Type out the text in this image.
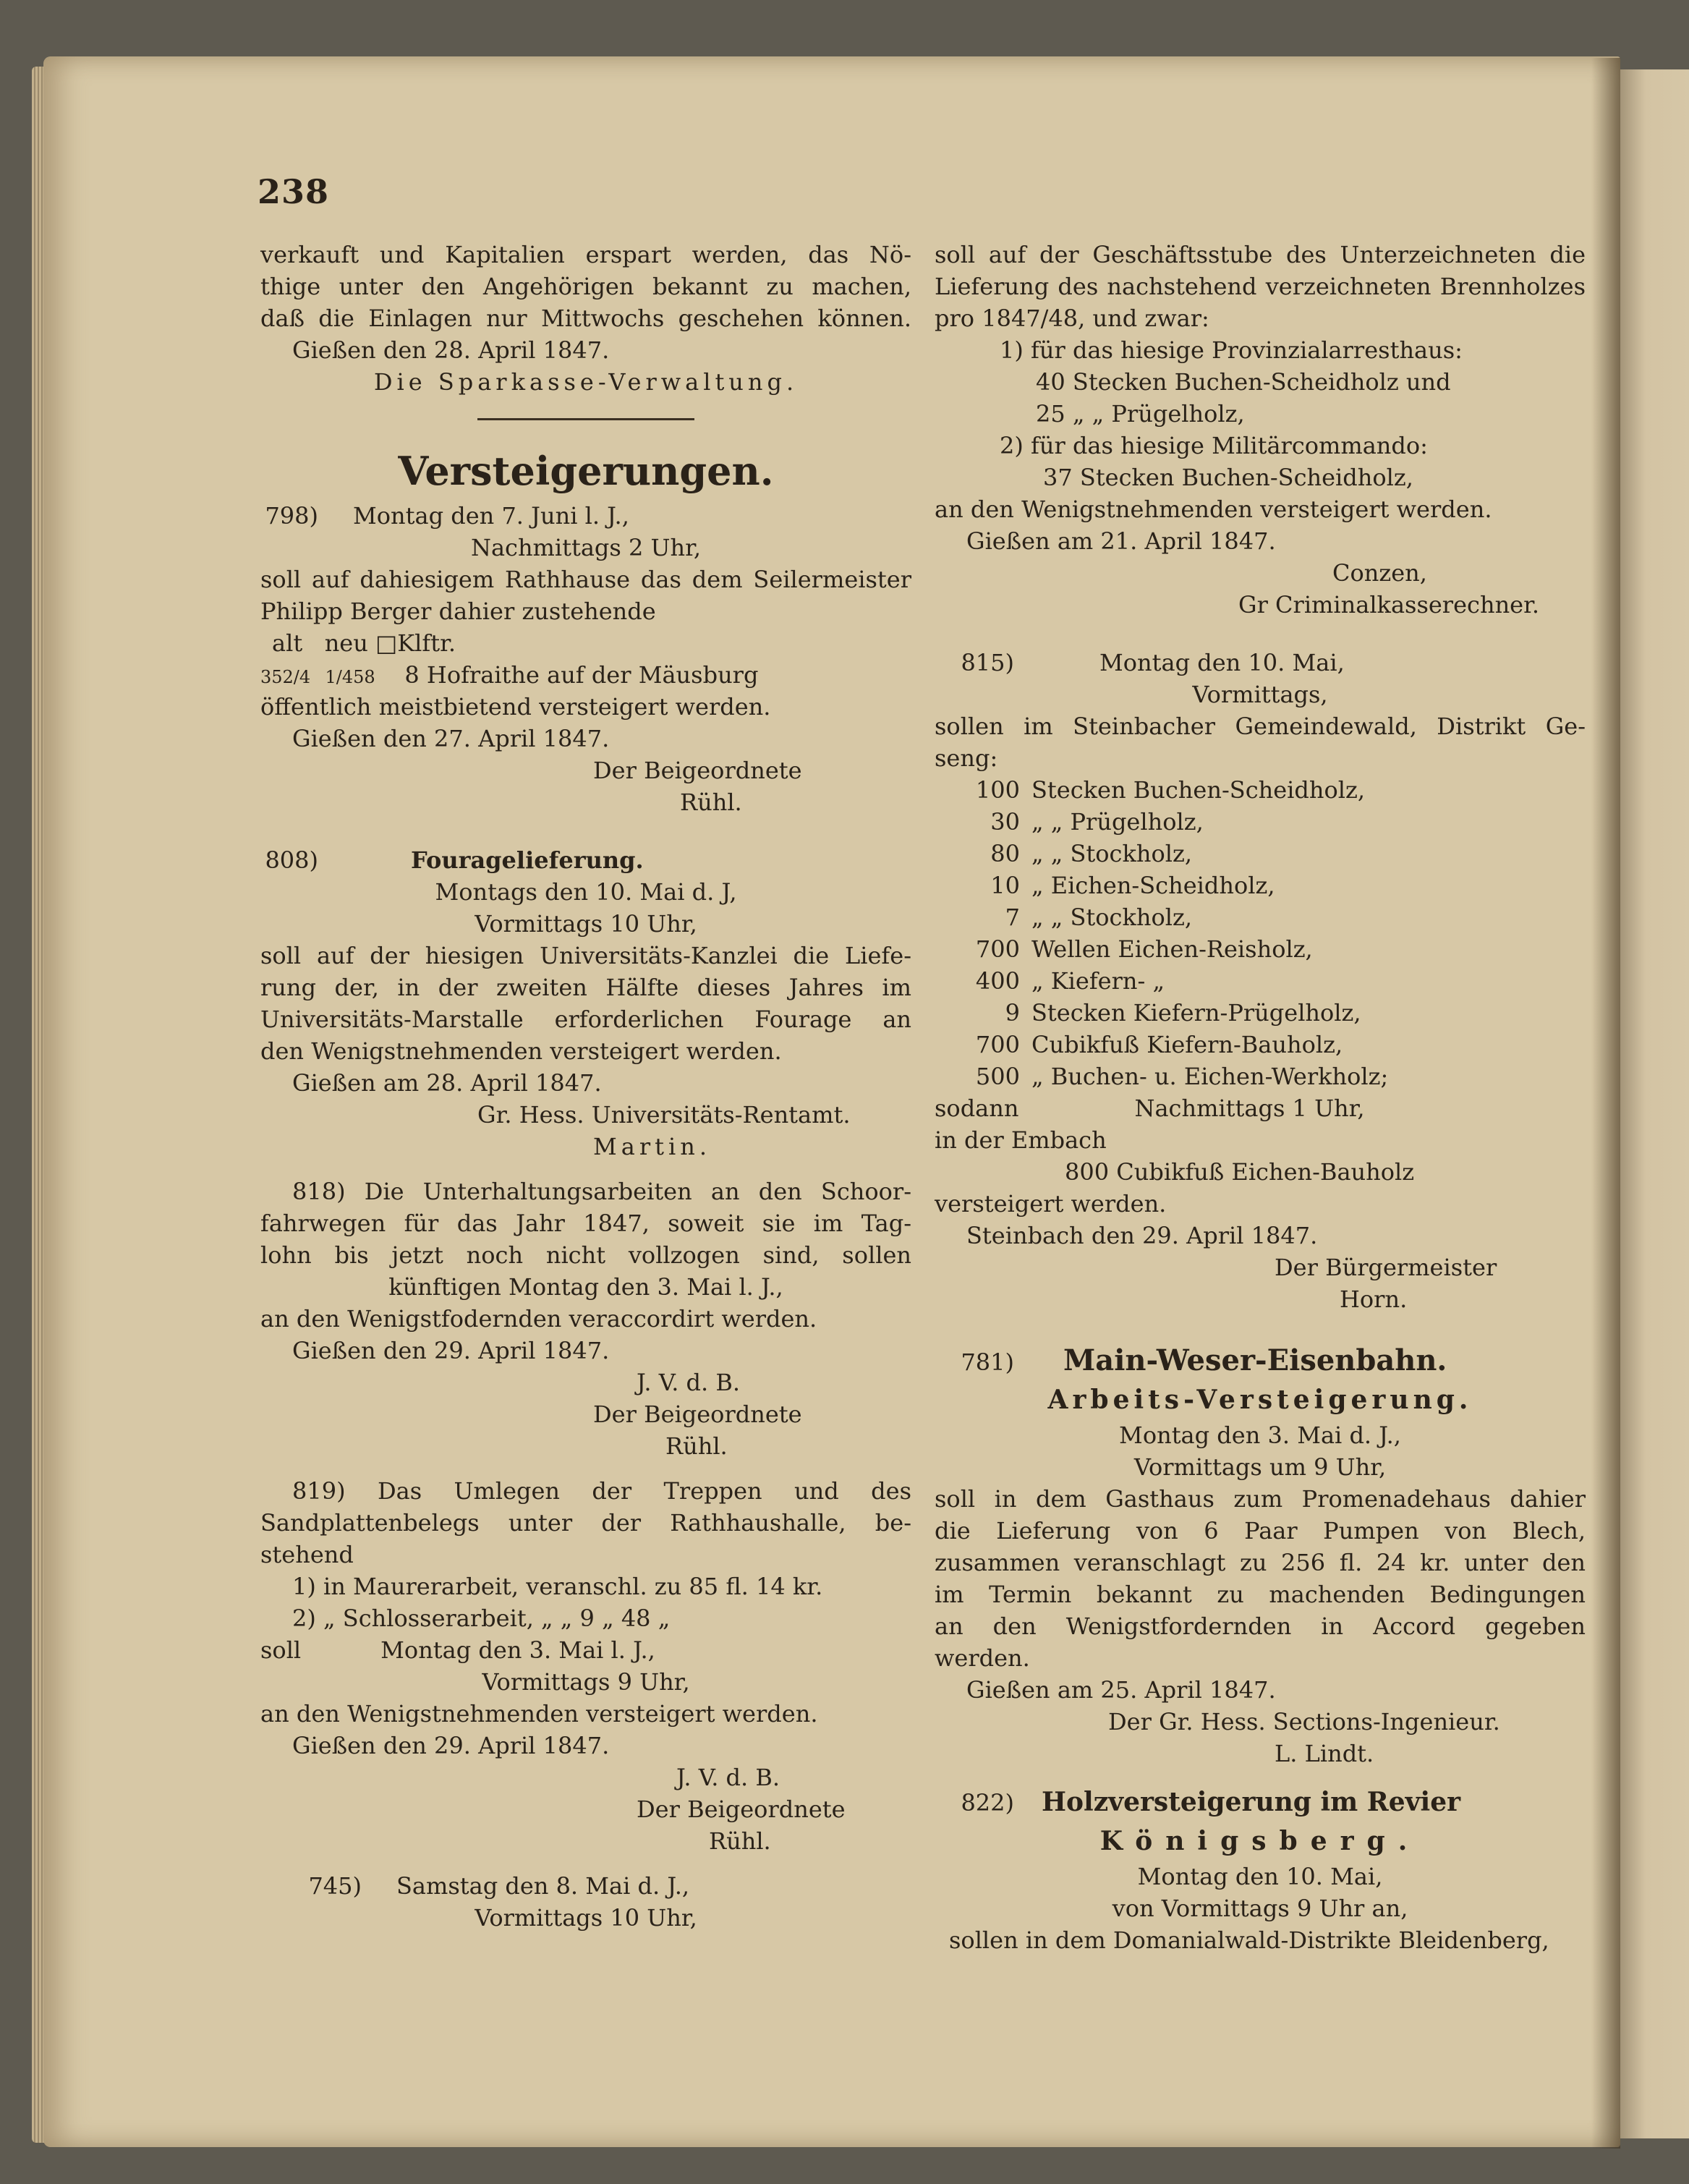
238
verkauft und Kapitalien erspart werden, das Nö-
thige unter den Angehörigen bekannt zu machen,
daß die Einlagen nur Mittwochs geschehen können.
Gießen den 28. April 1847.
Die Sparkasse-Verwaltung.
Versteigerungen.
798) Montag den 7. Juni l. J.,
Nachmittags 2 Uhr,
soll auf dahiesigem Rathhause das dem Seilermeister
Philipp Berger dahier zustehende
alt neu □Klftr.
352/4 1/458 8 Hofraithe auf der Mäusburg
öffentlich meistbietend versteigert werden.
Gießen den 27. April 1847.
Der Beigeordnete
Rühl.
808)	Fouragelieferung.
Montags den 10. Mai d. J,
Vormittags 10 Uhr,
soll auf der hiesigen Universitäts-Kanzlei die Liefe-
rung der, in der zweiten Hälfte dieses Jahres im
Universitäts-Marstalle erforderlichen Fourage an
den Wenigstnehmenden versteigert werden.
Gießen am 28. April 1847.
Gr. Hess. Universitäts-Rentamt.
Martin.
818) Die Unterhaltungsarbeiten an den Schoor-
fahrwegen für das Jahr 1847, soweit sie im Tag-
lohn bis jetzt noch nicht vollzogen sind, sollen
künftigen Montag den 3. Mai l. J.,
an den Wenigstfodernden veraccordirt werden.
Gießen den 29. April 1847.
J. V. d. B.
Der Beigeordnete
Rühl.
819) Das Umlegen der Treppen und des
Sandplattenbelegs unter der Rathhaushalle, be-
stehend
1) in Maurerarbeit, veranschl. zu 85 fl. 14 kr.
2) „ Schlosserarbeit, „ „ 9 „ 48 „
soll	Montag den 3. Mai l. J.,
Vormittags 9 Uhr,
an den Wenigstnehmenden versteigert werden.
Gießen den 29. April 1847.
J. V. d. B.
Der Beigeordnete
Rühl.
745) Samstag den 8. Mai d. J.,
Vormittags 10 Uhr,
soll auf der Geschäftsstube des Unterzeichneten die
Lieferung des nachstehend verzeichneten Brennholzes
pro 1847/48, und zwar:
1) für das hiesige Provinzialarresthaus:
40 Stecken Buchen-Scheidholz und
25 „ „ Prügelholz,
2) für das hiesige Militärcommando:
37 Stecken Buchen-Scheidholz,
an den Wenigstnehmenden versteigert werden.
Gießen am 21. April 1847.
Conzen,
Gr Criminalkasserechner.
815)	Montag den 10. Mai,
Vormittags,
sollen im Steinbacher Gemeindewald, Distrikt Ge-
seng:
100 Stecken Buchen-Scheidholz,
30 „ „ Prügelholz,
80 „ „ Stockholz,
10 „ Eichen-Scheidholz,
7 „ „ Stockholz,
700 Wellen Eichen-Reisholz,
400 „ Kiefern- „
9 Stecken Kiefern-Prügelholz,
700 Cubikfuß Kiefern-Bauholz,
500 „ Buchen- u. Eichen-Werkholz;
sodann	Nachmittags 1 Uhr,
in der Embach
800 Cubikfuß Eichen-Bauholz
versteigert werden.
Steinbach den 29. April 1847.
Der Bürgermeister
Horn.
781) Main-Weser-Eisenbahn.
Arbeits-Versteigerung.
Montag den 3. Mai d. J.,
Vormittags um 9 Uhr,
soll in dem Gasthaus zum Promenadehaus dahier
die Lieferung von 6 Paar Pumpen von Blech,
zusammen veranschlagt zu 256 fl. 24 kr. unter den
im Termin bekannt zu machenden Bedingungen
an den Wenigstfordernden in Accord gegeben
werden.
Gießen am 25. April 1847.
Der Gr. Hess. Sections-Ingenieur.
L. Lindt.
822) Holzversteigerung im Revier
Königsberg.
Montag den 10. Mai,
von Vormittags 9 Uhr an,
sollen in dem Domanialwald-Distrikte Bleidenberg,
